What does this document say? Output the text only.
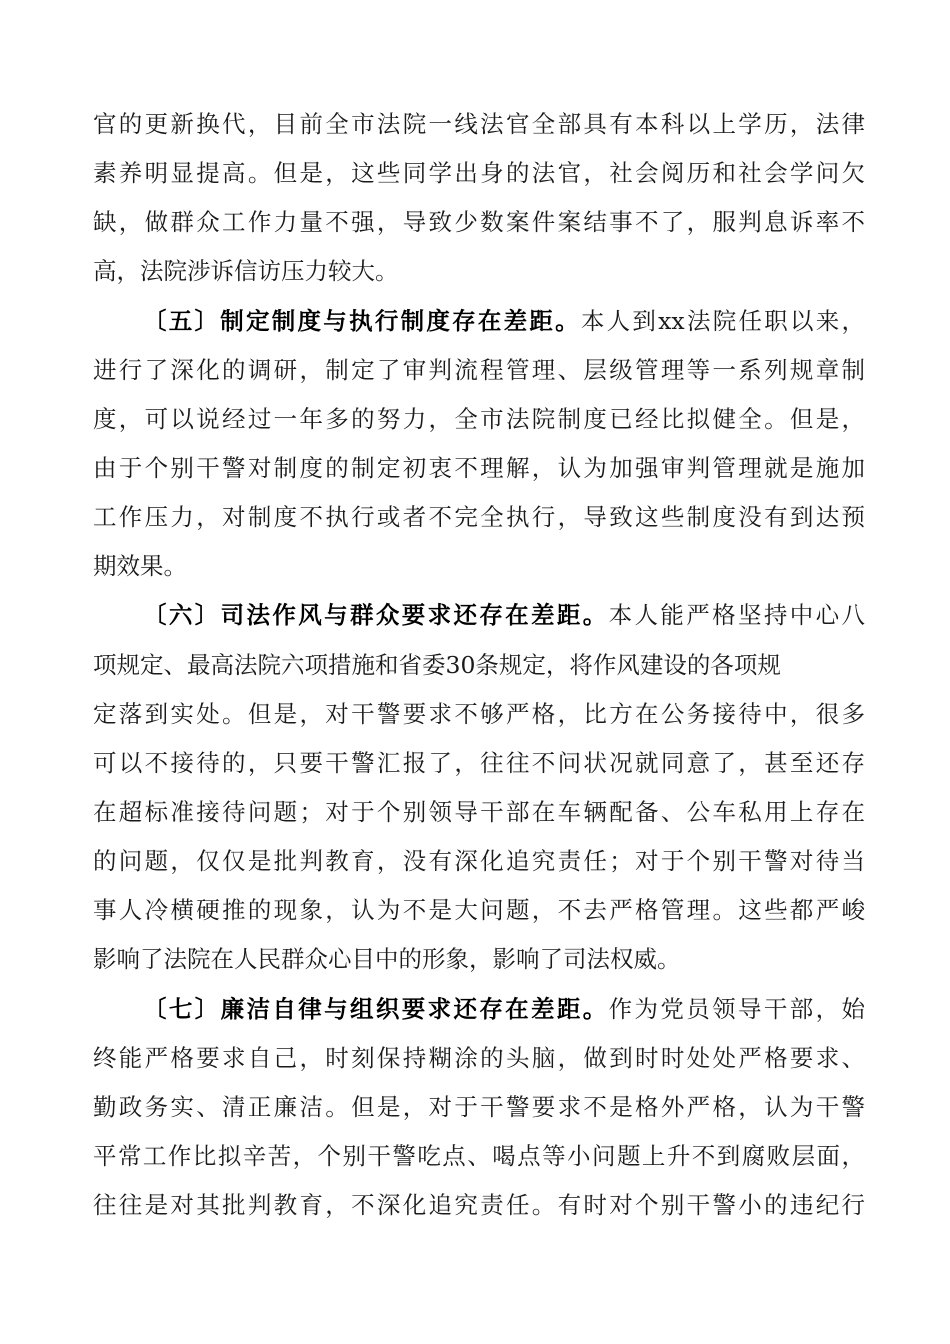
官的更新换代，目前全市法院一线法官全部具有本科以上学历，法律
素养明显提高。但是，这些同学出身的法官，社会阅历和社会学问欠
缺，做群众工作力量不强，导致少数案件案结事不了，服判息诉率不
高，法院涉诉信访压力较大。
〔五〕制定制度与执行制度存在差距。本人到xx法院任职以来，
进行了深化的调研，制定了审判流程管理、层级管理等一系列规章制
度，可以说经过一年多的努力，全市法院制度已经比拟健全。但是，
由于个别干警对制度的制定初衷不理解，认为加强审判管理就是施加
工作压力，对制度不执行或者不完全执行，导致这些制度没有到达预
期效果。
〔六〕司法作风与群众要求还存在差距。本人能严格坚持中心八
项规定、最高法院六项措施和省委30条规定，将作风建设的各项规
定落到实处。但是，对干警要求不够严格，比方在公务接待中，很多
可以不接待的，只要干警汇报了，往往不问状况就同意了，甚至还存
在超标准接待问题；对于个别领导干部在车辆配备、公车私用上存在
的问题，仅仅是批判教育，没有深化追究责任；对于个别干警对待当
事人冷横硬推的现象，认为不是大问题，不去严格管理。这些都严峻
影响了法院在人民群众心目中的形象，影响了司法权威。
〔七〕廉洁自律与组织要求还存在差距。作为党员领导干部，始
终能严格要求自己，时刻保持糊涂的头脑，做到时时处处严格要求、
勤政务实、清正廉洁。但是，对于干警要求不是格外严格，认为干警
平常工作比拟辛苦，个别干警吃点、喝点等小问题上升不到腐败层面，
往往是对其批判教育，不深化追究责任。有时对个别干警小的违纪行
